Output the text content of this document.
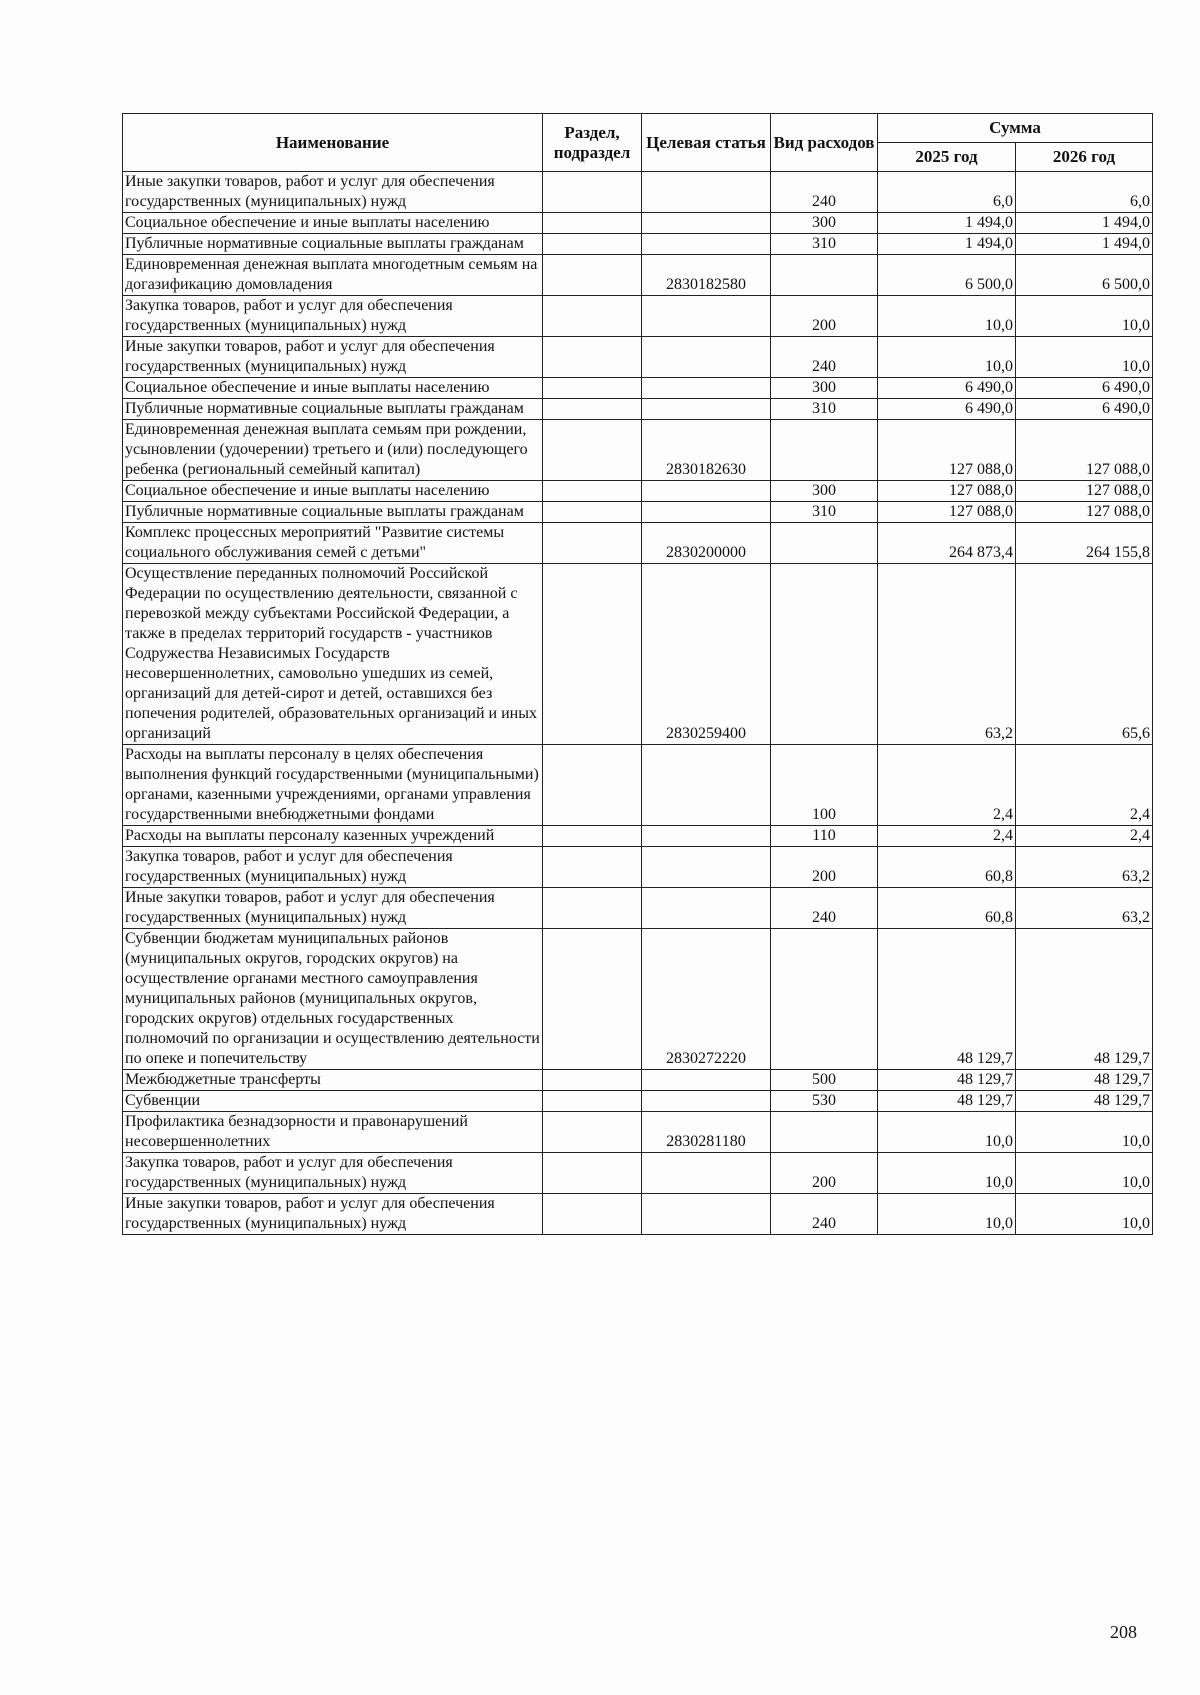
Наименование	Раздел, подраздел	Целевая статья	Вид расходов	Сумма	
				2025 год	2026 год
Иные закупки товаров, работ и услуг для обеспечения государственных (муниципальных) нужд			240	6,0	6,0
Социальное обеспечение и иные выплаты населению			300	1 494,0	1 494,0
Публичные нормативные социальные выплаты гражданам			310	1 494,0	1 494,0
Единовременная денежная выплата многодетным семьям на догазификацию домовладения		2830182580		6 500,0	6 500,0
Закупка товаров, работ и услуг для обеспечения государственных (муниципальных) нужд			200	10,0	10,0
Иные закупки товаров, работ и услуг для обеспечения государственных (муниципальных) нужд			240	10,0	10,0
Социальное обеспечение и иные выплаты населению			300	6 490,0	6 490,0
Публичные нормативные социальные выплаты гражданам			310	6 490,0	6 490,0
Единовременная денежная выплата семьям при рождении, усыновлении (удочерении) третьего и (или) последующего ребенка (региональный семейный капитал)		2830182630		127 088,0	127 088,0
Социальное обеспечение и иные выплаты населению			300	127 088,0	127 088,0
Публичные нормативные социальные выплаты гражданам			310	127 088,0	127 088,0
Комплекс процессных мероприятий "Развитие системы социального обслуживания семей с детьми"		2830200000		264 873,4	264 155,8
Осуществление переданных полномочий Российской Федерации по осуществлению деятельности, связанной с перевозкой между субъектами Российской Федерации, а также в пределах территорий государств - участников Содружества Независимых Государств несовершеннолетних, самовольно ушедших из семей, организаций для детей-сирот и детей, оставшихся без попечения родителей, образовательных организаций и иных организаций		2830259400		63,2	65,6
Расходы на выплаты персоналу в целях обеспечения выполнения функций государственными (муниципальными) органами, казенными учреждениями, органами управления государственными внебюджетными фондами			100	2,4	2,4
Расходы на выплаты персоналу казенных учреждений			110	2,4	2,4
Закупка товаров, работ и услуг для обеспечения государственных (муниципальных) нужд			200	60,8	63,2
Иные закупки товаров, работ и услуг для обеспечения государственных (муниципальных) нужд			240	60,8	63,2
Субвенции бюджетам муниципальных районов (муниципальных округов, городских округов) на осуществление органами местного самоуправления муниципальных районов (муниципальных округов, городских округов) отдельных государственных полномочий по организации и осуществлению деятельности по опеке и попечительству		2830272220		48 129,7	48 129,7
Межбюджетные трансферты			500	48 129,7	48 129,7
Субвенции			530	48 129,7	48 129,7
Профилактика безнадзорности и правонарушений несовершеннолетних		2830281180		10,0	10,0
Закупка товаров, работ и услуг для обеспечения государственных (муниципальных) нужд			200	10,0	10,0
Иные закупки товаров, работ и услуг для обеспечения государственных (муниципальных) нужд			240	10,0	10,0
208
